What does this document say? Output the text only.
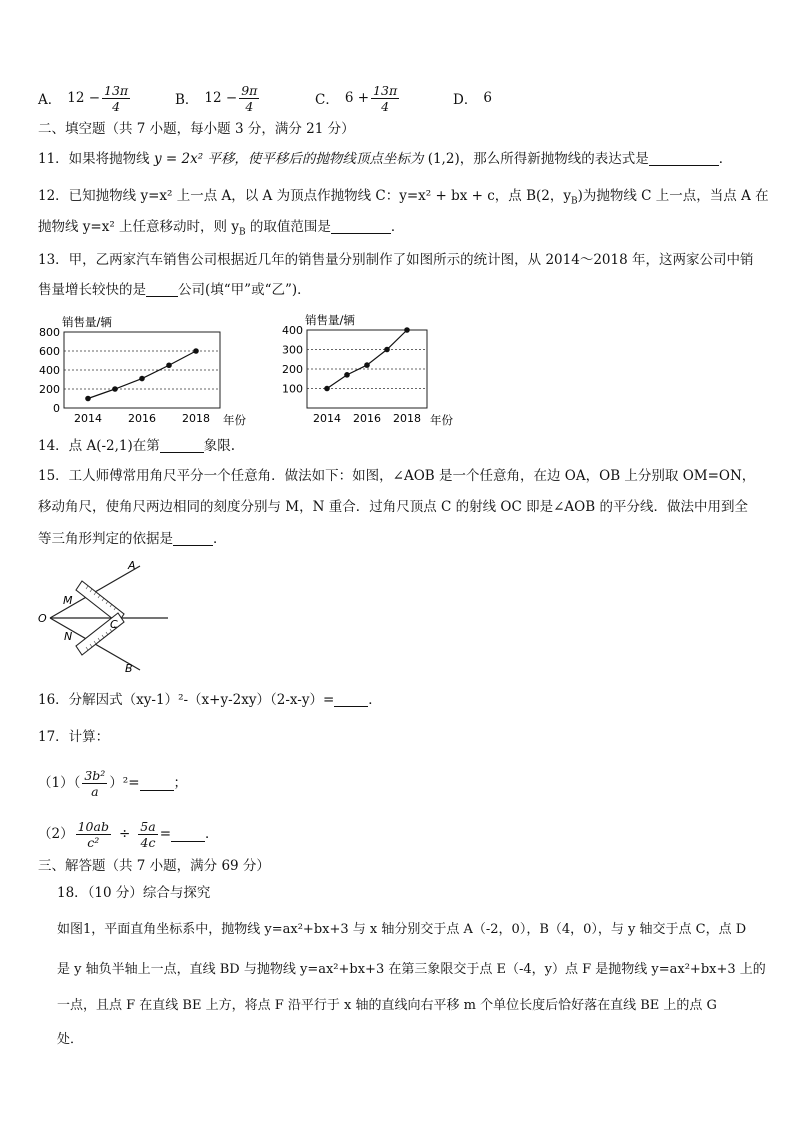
A． $12 - \frac{13\pi}{4}$	B． $12 - \frac{9\pi}{4}$	C． $6 + \frac{13\pi}{4}$	D． 6
二、填空题（共 7 小题，每小题 3 分，满分 21 分）
11．如果将抛物线 y = 2x² 平移，使平移后的抛物线顶点坐标为 (1,2)，那么所得新抛物线的表达式是	．
12．已知抛物线 y=x² 上一点 A，以 A 为顶点作抛物线 C：y=x² + bx + c，点 B(2，$y_B$)为抛物线 C 上一点，当点 A 在
抛物线 y=x² 上任意移动时，则 $y_B$ 的取值范围是	．
13．甲，乙两家汽车销售公司根据近几年的销售量分别制作了如图所示的统计图，从 2014～2018 年，这两家公司中销
售量增长较快的是 公司(填“甲”或“乙”)．
0
200
400
600
800
2014 2016 2018
销售量/辆
年份
100
200
300
400
2014 2016 2018
销售量/辆
年份
14．点 A(-2,1)在第	象限.
15．工人师傅常用角尺平分一个任意角．做法如下：如图，∠AOB 是一个任意角，在边 OA，OB 上分别取 OM=ON，
移动角尺，使角尺两边相同的刻度分别与 M，N 重合．过角尺顶点 C 的射线 OC 即是∠AOB 的平分线．做法中用到全
等三角形判定的依据是	．
A
B
O
M
N
C
16．分解因式（xy-1）²-（x+y-2xy）（2-x-y）=	．
17．计算：
$(1)( \frac{\text{3b²}}{a} )^2=$	；
$(2) \frac{10ab}{\text{c²}} \div \frac{5a}{4c}$ =	．
三、解答题（共 7 小题，满分 69 分）
18．（10 分）综合与探究
如图1，平面直角坐标系中，抛物线 y=ax²+bx+3 与 x 轴分别交于点 A（-2，0），B（4，0），与 y 轴交于点 C，点 D
是 y 轴负半轴上一点，直线 BD 与抛物线 y=ax²+bx+3 在第三象限交于点 E（-4，y）点 F 是抛物线 y=ax²+bx+3 上的
一点，且点 F 在直线 BE 上方，将点 F 沿平行于 x 轴的直线向右平移 m 个单位长度后恰好落在直线 BE 上的点 G
处．
